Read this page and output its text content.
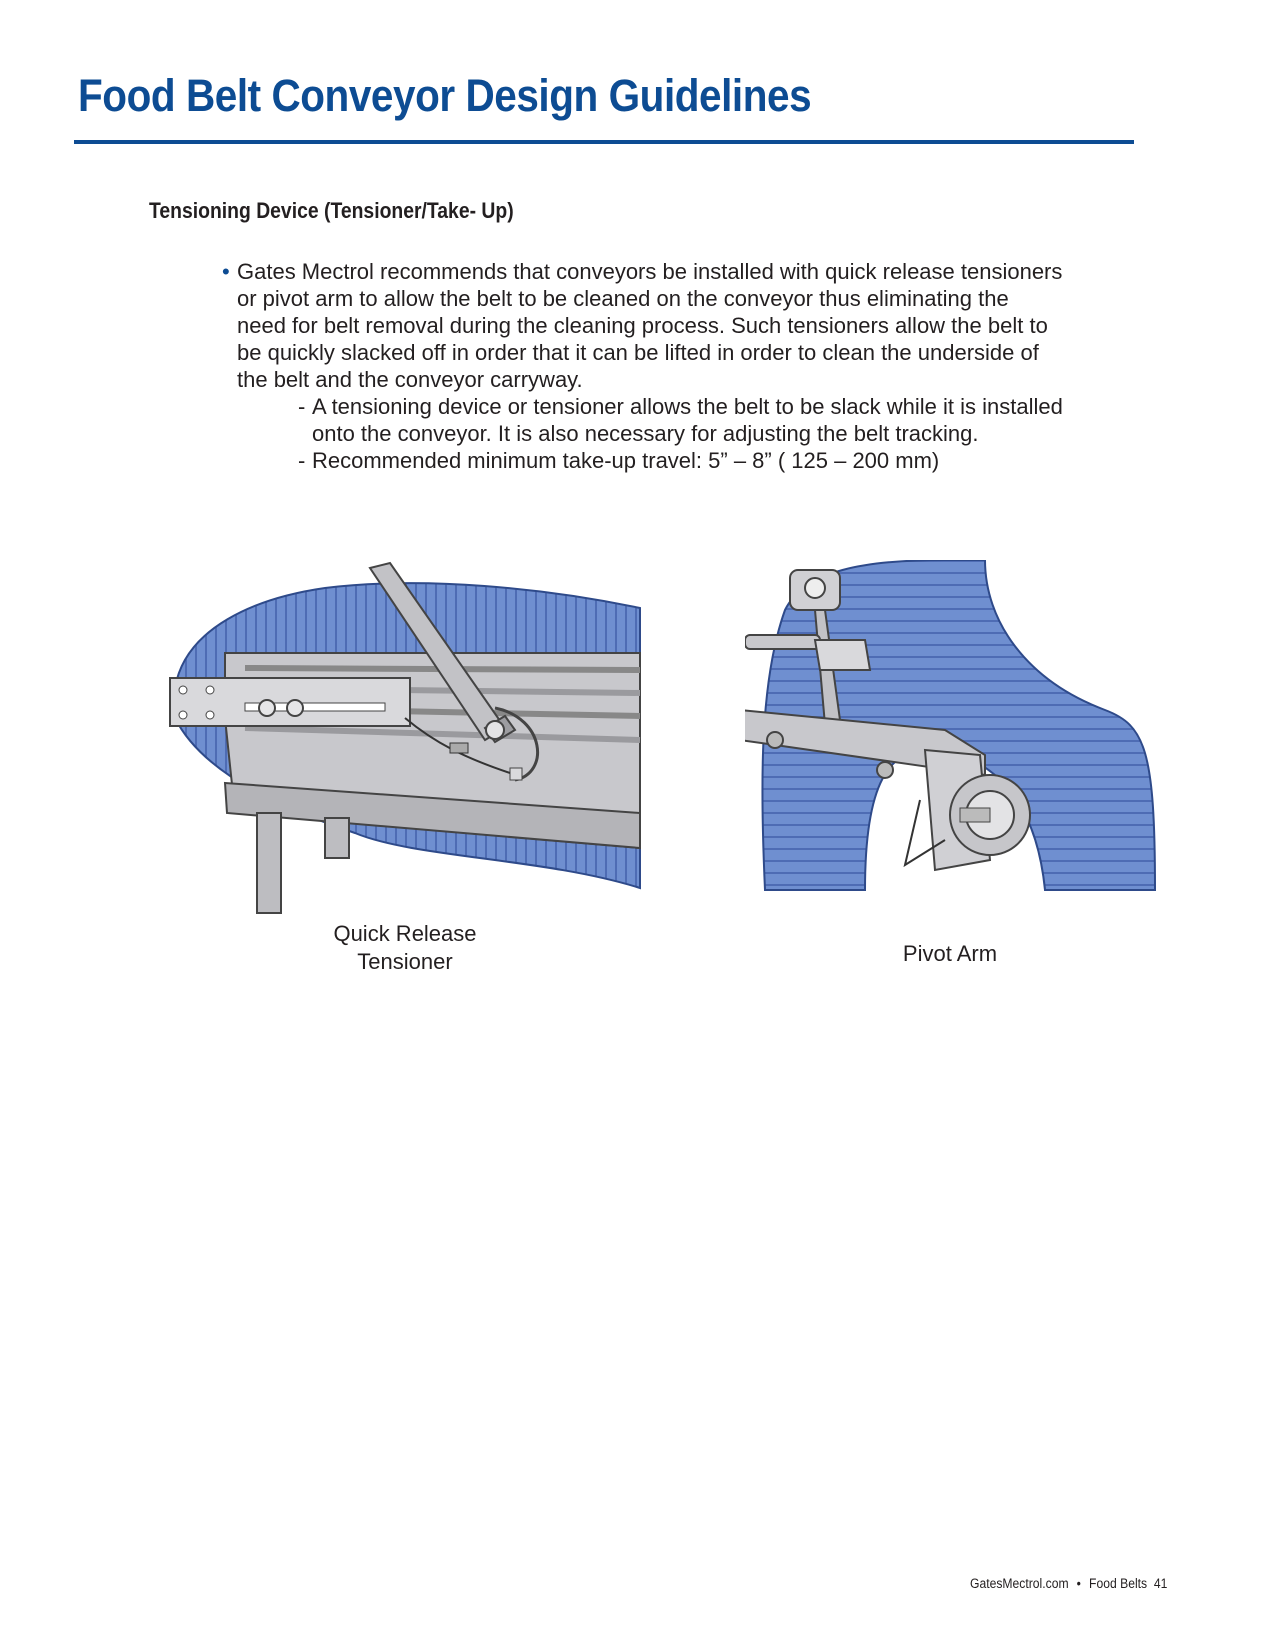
Food Belt Conveyor Design Guidelines
Tensioning Device (Tensioner/Take- Up)
• Gates Mectrol recommends that conveyors be installed with quick release tensioners
or pivot arm to allow the belt to be cleaned on the conveyor thus eliminating the
need for belt removal during the cleaning process. Such tensioners allow the belt to
be quickly slacked off in order that it can be lifted in order to clean the underside of
the belt and the conveyor carryway.

- A tensioning device or tensioner allows the belt to be slack while it is installed
onto the conveyor. It is also necessary for adjusting the belt tracking.

- Recommended minimum take-up travel: 5” – 8” ( 125 – 200 mm)

Quick Release
Tensioner	Pivot Arm
GatesMectrol.com • Food Belts 41
